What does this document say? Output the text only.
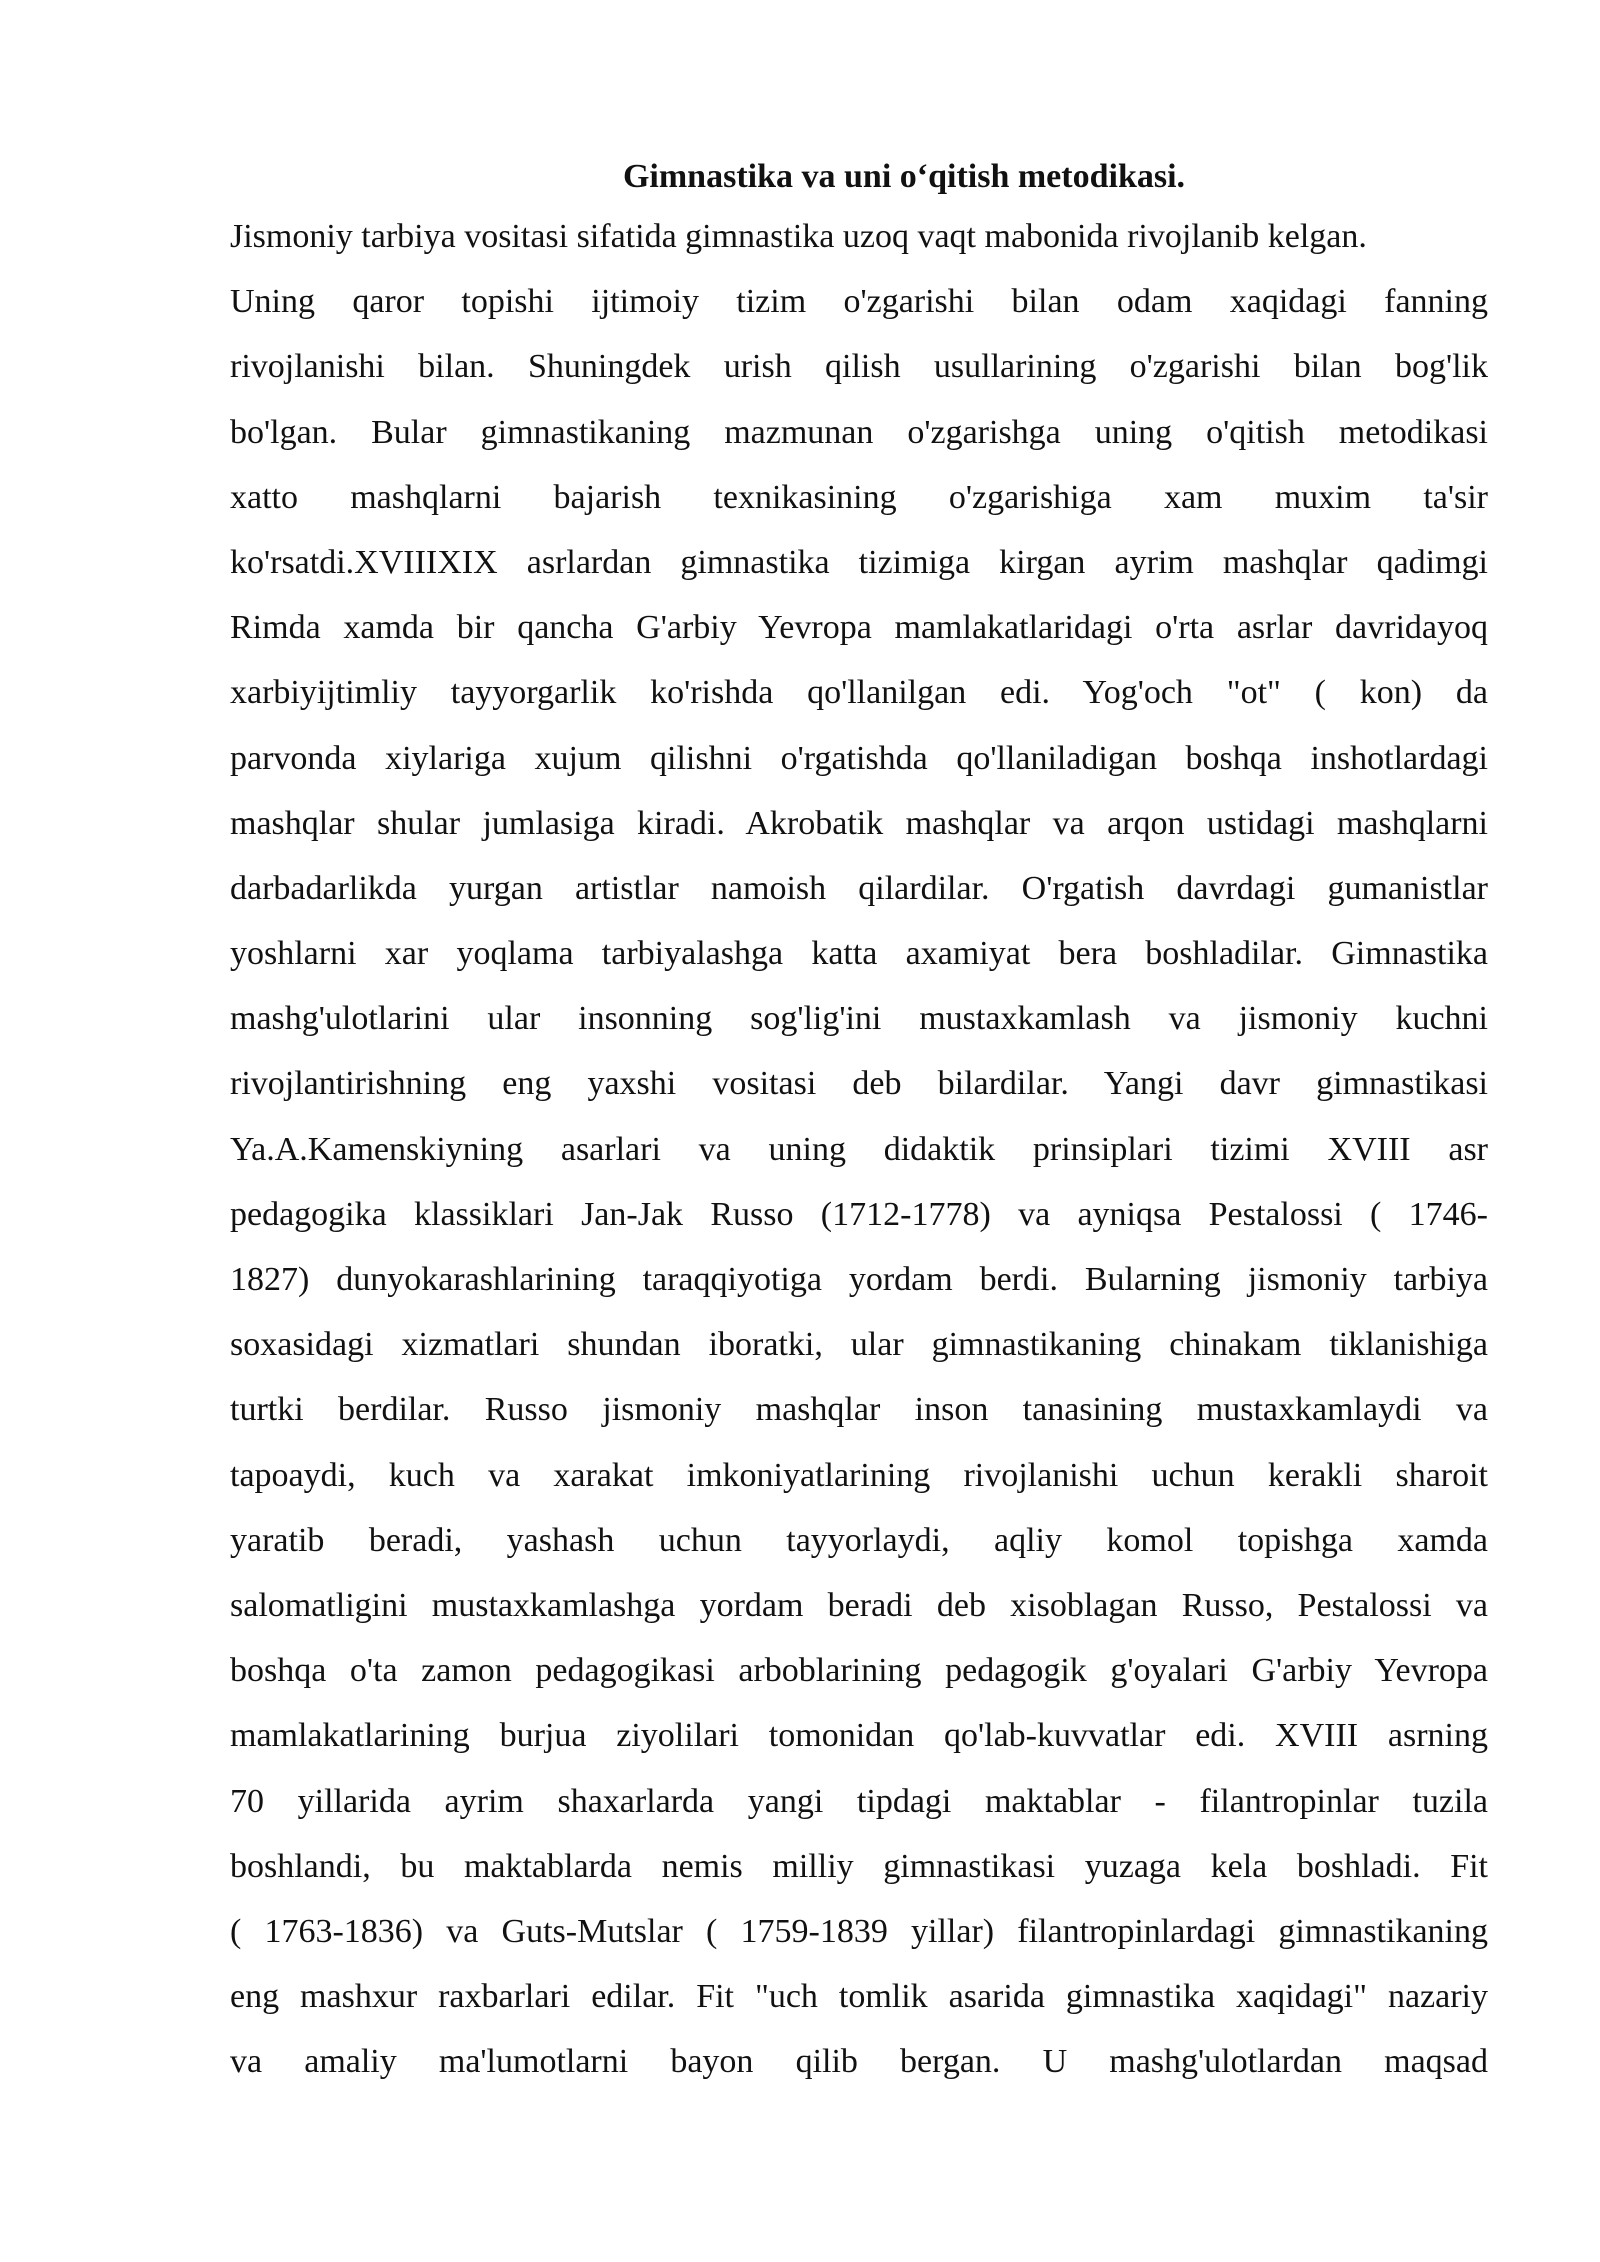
Gimnastika va uni o‘qitish metodikasi.
Jismoniy tarbiya vositasi sifatida gimnastika uzoq vaqt mabonida rivojlanib kelgan.
Uning qaror topishi ijtimoiy tizim o'zgarishi bilan odam xaqidagi fanning
rivojlanishi bilan. Shuningdek urish qilish usullarining o'zgarishi bilan bog'lik
bo'lgan. Bular gimnastikaning mazmunan o'zgarishga uning o'qitish metodikasi
xatto mashqlarni bajarish texnikasining o'zgarishiga xam muxim ta'sir
ko'rsatdi.XVIIIXIX asrlardan gimnastika tizimiga kirgan ayrim mashqlar qadimgi
Rimda xamda bir qancha G'arbiy Yevropa mamlakatlaridagi o'rta asrlar davridayoq
xarbiyijtimliy tayyorgarlik ko'rishda qo'llanilgan edi. Yog'och "ot" ( kon) da
parvonda xiylariga xujum qilishni o'rgatishda qo'llaniladigan boshqa inshotlardagi
mashqlar shular jumlasiga kiradi. Akrobatik mashqlar va arqon ustidagi mashqlarni
darbadarlikda yurgan artistlar namoish qilardilar. O'rgatish davrdagi gumanistlar
yoshlarni xar yoqlama tarbiyalashga katta axamiyat bera boshladilar. Gimnastika
mashg'ulotlarini ular insonning sog'lig'ini mustaxkamlash va jismoniy kuchni
rivojlantirishning eng yaxshi vositasi deb bilardilar. Yangi davr gimnastikasi
Ya.A.Kamenskiyning asarlari va uning didaktik prinsiplari tizimi XVIII asr
pedagogika klassiklari Jan-Jak Russo (1712-1778) va ayniqsa Pestalossi ( 1746-
1827) dunyokarashlarining taraqqiyotiga yordam berdi. Bularning jismoniy tarbiya
soxasidagi xizmatlari shundan iboratki, ular gimnastikaning chinakam tiklanishiga
turtki berdilar. Russo jismoniy mashqlar inson tanasining mustaxkamlaydi va
tapoaydi, kuch va xarakat imkoniyatlarining rivojlanishi uchun kerakli sharoit
yaratib beradi, yashash uchun tayyorlaydi, aqliy komol topishga xamda
salomatligini mustaxkamlashga yordam beradi deb xisoblagan Russo, Pestalossi va
boshqa o'ta zamon pedagogikasi arboblarining pedagogik g'oyalari G'arbiy Yevropa
mamlakatlarining burjua ziyolilari tomonidan qo'lab-kuvvatlar edi. XVIII asrning
70 yillarida ayrim shaxarlarda yangi tipdagi maktablar - filantropinlar tuzila
boshlandi, bu maktablarda nemis milliy gimnastikasi yuzaga kela boshladi. Fit
( 1763-1836) va Guts-Mutslar ( 1759-1839 yillar) filantropinlardagi gimnastikaning
eng mashxur raxbarlari edilar. Fit "uch tomlik asarida gimnastika xaqidagi" nazariy
va amaliy ma'lumotlarni bayon qilib bergan. U mashg'ulotlardan maqsad
